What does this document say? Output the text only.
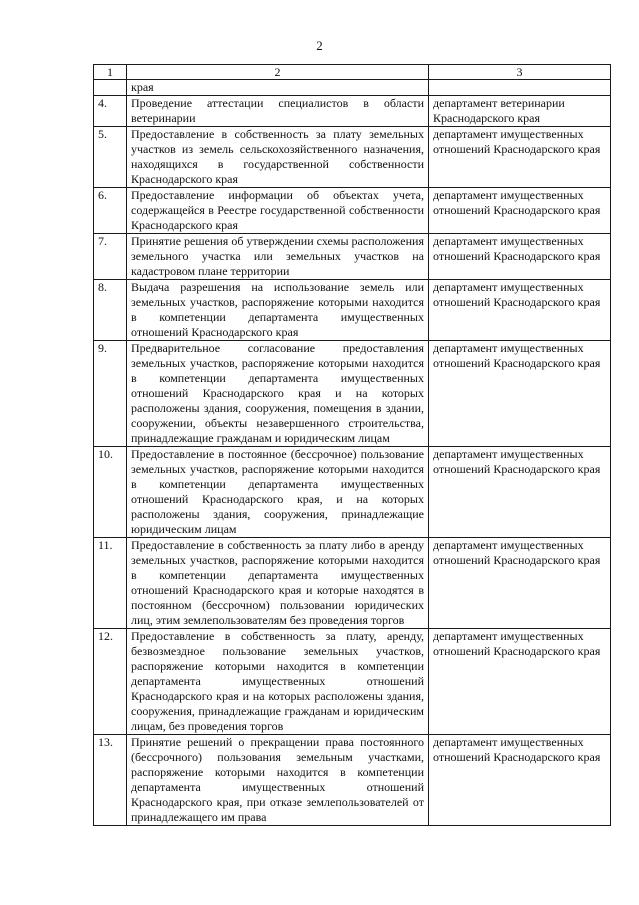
2
1	2	3
	края	
4.	Проведение аттестации специалистов в области ветеринарии	департамент ветеринарии Краснодарского края
5.	Предоставление в собственность за плату земельных участков из земель сельскохозяйственного назначения, находящихся в государственной собственности Краснодарского края	департамент имущественных отношений Краснодарского края
6.	Предоставление информации об объектах учета, содержащейся в Реестре государственной собственности Краснодарского края	департамент имущественных отношений Краснодарского края
7.	Принятие решения об утверждении схемы расположения земельного участка или земельных участков на кадастровом плане территории	департамент имущественных отношений Краснодарского края
8.	Выдача разрешения на использование земель или земельных участков, распоряжение которыми находится в компетенции департамента имущественных отношений Краснодарского края	департамент имущественных отношений Краснодарского края
9.	Предварительное согласование предоставления земельных участков, распоряжение которыми находится в компетенции департамента имущественных отношений Краснодарского края и на которых расположены здания, сооружения, помещения в здании, сооружении, объекты незавершенного строительства, принадлежащие гражданам и юридическим лицам	департамент имущественных отношений Краснодарского края
10.	Предоставление в постоянное (бессрочное) пользование земельных участков, распоряжение которыми находится в компетенции департамента имущественных отношений Краснодарского края, и на которых расположены здания, сооружения, принадлежащие юридическим лицам	департамент имущественных отношений Краснодарского края
11.	Предоставление в собственность за плату либо в аренду земельных участков, распоряжение которыми находится в компетенции департамента имущественных отношений Краснодарского края и которые находятся в постоянном (бессрочном) пользовании юридических лиц, этим землепользователям без проведения торгов	департамент имущественных отношений Краснодарского края
12.	Предоставление в собственность за плату, аренду, безвозмездное пользование земельных участков, распоряжение которыми находится в компетенции департамента имущественных отношений Краснодарского края и на которых расположены здания, сооружения, принадлежащие гражданам и юридическим лицам, без проведения торгов	департамент имущественных отношений Краснодарского края
13.	Принятие решений о прекращении права постоянного (бессрочного) пользования земельным участками, распоряжение которыми находится в компетенции департамента имущественных отношений Краснодарского края, при отказе землепользователей от принадлежащего им права	департамент имущественных отношений Краснодарского края
